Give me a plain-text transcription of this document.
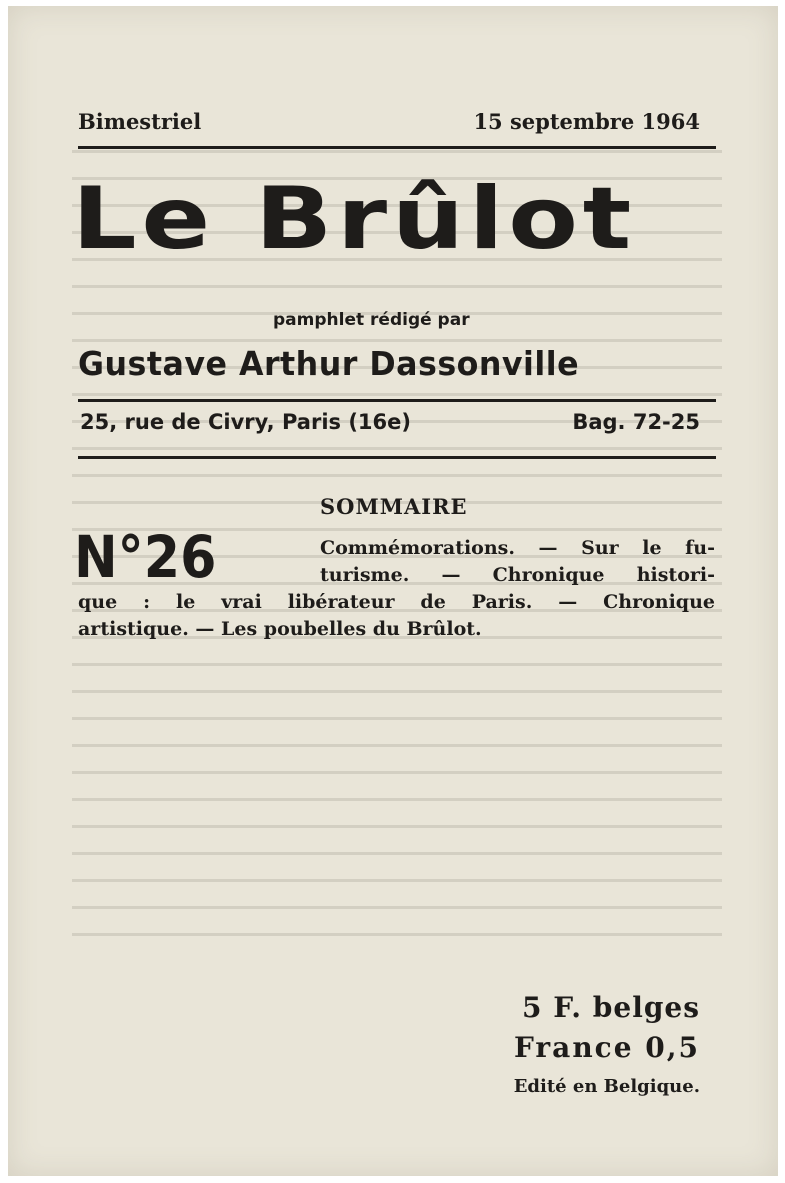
Bimestriel	15 septembre 1964
Le Brûlot
pamphlet rédigé par
Gustave Arthur Dassonville
25, rue de Civry, Paris (16e)	Bag. 72-25
SOMMAIRE
N°26	Commémorations. — Sur le fu-
turisme. — Chronique histori-
que : le vrai libérateur de Paris. — Chronique
artistique. — Les poubelles du Brûlot.
5 F. belges
France 0,5
Edité en Belgique.
